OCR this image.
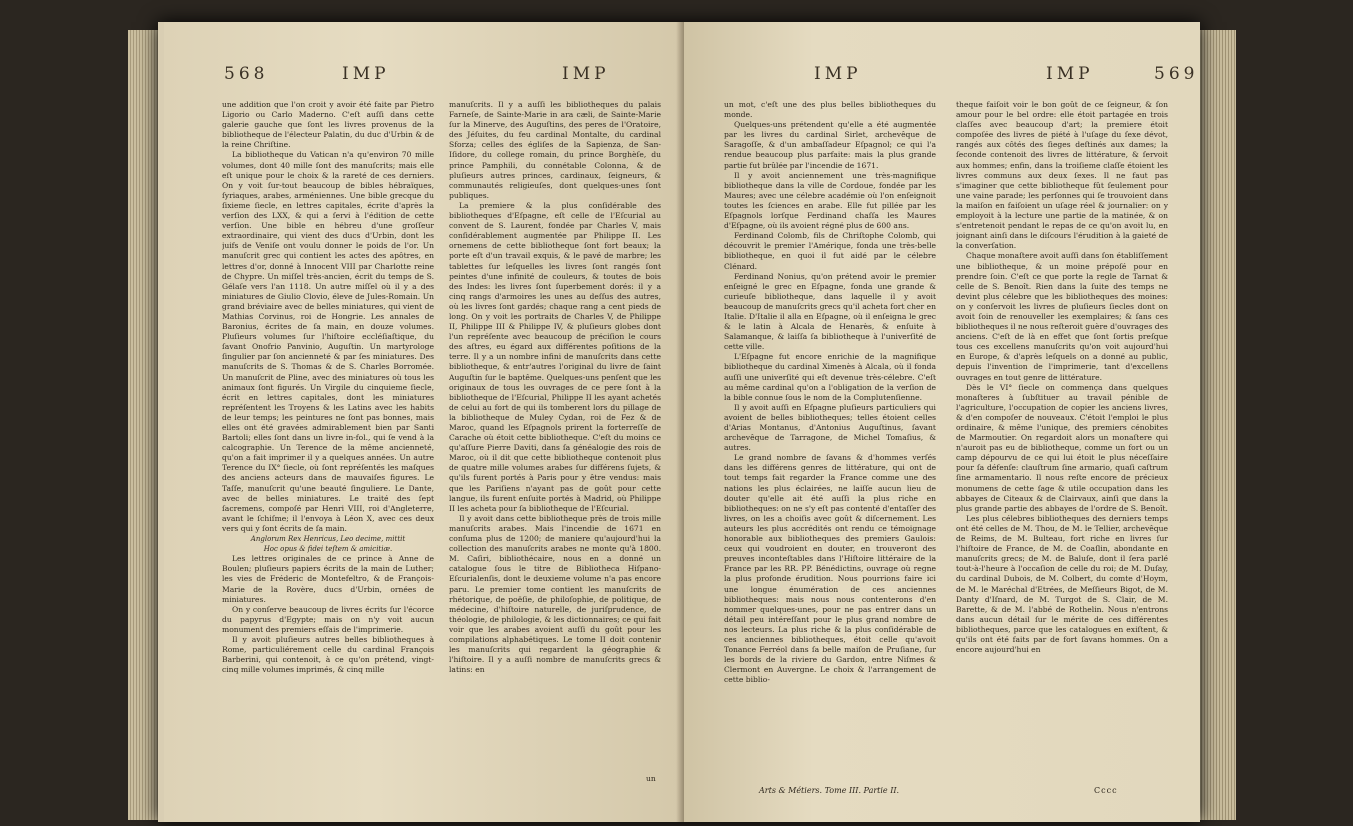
568	IMP	IMP

une addition que l'on croit y avoir été faite par Pietro Ligorio ou Carlo Maderno. C'eſt auſſi dans cette galerie gauche que ſont les livres provenus de la bibliotheque de l'électeur Palatin, du duc d'Urbin & de la reine Chriſtine.

La bibliotheque du Vatican n'a qu'environ 70 mille volumes, dont 40 mille ſont des manuſcrits; mais elle eſt unique pour le choix & la rareté de ces derniers. On y voit ſur-tout beaucoup de bibles hébraïques, ſyriaques, arabes, arméniennes. Une bible grecque du ſixieme ſiecle, en lettres capitales, écrite d'après la verſion des LXX, & qui a ſervi à l'édition de cette verſion. Une bible en hébreu d'une groſſeur extraordinaire, qui vient des ducs d'Urbin, dont les juifs de Veniſe ont voulu donner le poids de l'or. Un manuſcrit grec qui contient les actes des apôtres, en lettres d'or, donné à Innocent VIII par Charlotte reine de Chypre. Un miſſel très-ancien, écrit du temps de S. Gélaſe vers l'an 1118. Un autre miſſel où il y a des miniatures de Giulio Clovio, éleve de Jules-Romain. Un grand bréviaire avec de belles miniatures, qui vient de Mathias Corvinus, roi de Hongrie. Les annales de Baronius, écrites de ſa main, en douze volumes. Pluſieurs volumes ſur l'hiſtoire eccléſiaſtique, du ſavant Onofrio Panvinio, Auguſtin. Un martyrologe ſingulier par ſon ancienneté & par ſes miniatures. Des manuſcrits de S. Thomas & de S. Charles Borromée. Un manuſcrit de Pline, avec des miniatures où tous les animaux ſont figurés. Un Virgile du cinquieme ſiecle, écrit en lettres capitales, dont les miniatures repréſentent les Troyens & les Latins avec les habits de leur temps; les peintures ne ſont pas bonnes, mais elles ont été gravées admirablement bien par Santi Bartoli; elles ſont dans un livre in-fol., qui ſe vend à la calcographie. Un Terence de la même ancienneté, qu'on a fait imprimer il y a quelques années. Un autre Terence du IX° ſiecle, où ſont repréſentés les maſques des anciens acteurs dans de mauvaiſes figures. Le Taſſe, manuſcrit qu'une beauté ſinguliere. Le Dante, avec de belles miniatures. Le traité des ſept ſacremens, compoſé par Henri VIII, roi d'Angleterre, avant le ſchiſme; il l'envoya à Léon X, avec ces deux vers qui y ſont écrits de ſa main.

Anglorum Rex Henricus, Leo decime, mittit

Hoc opus & fidei teſtem & amicitiæ.

Les lettres originales de ce prince à Anne de Boulen; pluſieurs papiers écrits de la main de Luther; les vies de Fréderic de Montefeltro, & de François-Marie de la Rovère, ducs d'Urbin, ornées de miniatures.

On y conſerve beaucoup de livres écrits ſur l'écorce du papyrus d'Egypte; mais on n'y voit aucun monument des premiers eſſais de l'imprimerie.

Il y avoit pluſieurs autres belles bibliotheques à Rome, particuliérement celle du cardinal François Barberini, qui contenoit, à ce qu'on prétend, vingt-cinq mille volumes imprimés, & cinq mille

manuſcrits. Il y a auſſi les bibliotheques du palais Farneſe, de Sainte-Marie in ara cæli, de Sainte-Marie ſur la Minerve, des Auguſtins, des peres de l'Oratoire, des Jéſuites, du feu cardinal Montalte, du cardinal Sforza; celles des égliſes de la Sapienza, de San-Iſidore, du college romain, du prince Borghèſe, du prince Pamphili, du connétable Colonna, & de pluſieurs autres princes, cardinaux, ſeigneurs, & communautés religieuſes, dont quelques-unes ſont publiques.

La premiere & la plus conſidérable des bibliotheques d'Eſpagne, eſt celle de l'Eſcurial au convent de S. Laurent, fondée par Charles V, mais conſidérablement augmentée par Philippe II. Les ornemens de cette bibliotheque ſont fort beaux; la porte eſt d'un travail exquis, & le pavé de marbre; les tablettes ſur leſquelles les livres ſont rangés ſont peintes d'une infinité de couleurs, & toutes de bois des Indes: les livres ſont ſuperbement dorés: il y a cinq rangs d'armoires les unes au deſſus des autres, où les livres ſont gardés; chaque rang a cent pieds de long. On y voit les portraits de Charles V, de Philippe II, Philippe III & Philippe IV, & pluſieurs globes dont l'un repréſente avec beaucoup de préciſion le cours des aſtres, eu égard aux différentes poſitions de la terre. Il y a un nombre infini de manuſcrits dans cette bibliotheque, & entr'autres l'original du livre de ſaint Auguſtin ſur le baptême. Quelques-uns penſent que les originaux de tous les ouvrages de ce pere ſont à la bibliotheque de l'Eſcurial, Philippe II les ayant achetés de celui au fort de qui ils tomberent lors du pillage de la bibliotheque de Muley Cydan, roi de Fez & de Maroc, quand les Eſpagnols prirent la forterreſſe de Carache où étoit cette bibliotheque. C'eſt du moins ce qu'aſſure Pierre Daviti, dans ſa généalogie des rois de Maroc, où il dit que cette bibliotheque contenoit plus de quatre mille volumes arabes ſur différens ſujets, & qu'ils furent portés à Paris pour y être vendus: mais que les Pariſiens n'ayant pas de goût pour cette langue, ils furent enſuite portés à Madrid, où Philippe II les acheta pour ſa bibliotheque de l'Eſcurial.

Il y avoit dans cette bibliotheque près de trois mille manuſcrits arabes. Mais l'incendie de 1671 en conſuma plus de 1200; de maniere qu'aujourd'hui la collection des manuſcrits arabes ne monte qu'à 1800. M. Caſiri, bibliothécaire, nous en a donné un catalogue ſous le titre de Bibliotheca Hiſpano-Eſcurialenſis, dont le deuxieme volume n'a pas encore paru. Le premier tome contient les manuſcrits de rhétorique, de poëſie, de philoſophie, de politique, de médecine, d'hiſtoire naturelle, de juriſprudence, de théologie, de philologie, & les dictionnaires; ce qui fait voir que les arabes avoient auſſi du goût pour les compilations alphabétiques. Le tome II doit contenir les manuſcrits qui regardent la géographie & l'hiſtoire. Il y a auſſi nombre de manuſcrits grecs & latins: en

un
IMP	IMP	569

un mot, c'eſt une des plus belles bibliotheques du monde.

Quelques-uns prétendent qu'elle a été augmentée par les livres du cardinal Sirlet, archevêque de Saragoſſe, & d'un ambaſſadeur Eſpagnol; ce qui l'a rendue beaucoup plus parfaite: mais la plus grande partie fut brûlée par l'incendie de 1671.

Il y avoit anciennement une très-magnifique bibliotheque dans la ville de Cordoue, fondée par les Maures; avec une célebre académie où l'on enſeignoit toutes les ſciences en arabe. Elle fut pillée par les Eſpagnols lorſque Ferdinand chaſſa les Maures d'Eſpagne, où ils avoient régné plus de 600 ans.

Ferdinand Colomb, fils de Chriſtophe Colomb, qui découvrit le premier l'Amérique, fonda une très-belle bibliotheque, en quoi il fut aidé par le célebre Clénard.

Ferdinand Nonius, qu'on prétend avoir le premier enſeigné le grec en Eſpagne, fonda une grande & curieuſe bibliotheque, dans laquelle il y avoit beaucoup de manuſcrits grecs qu'il acheta fort cher en Italie. D'Italie il alla en Eſpagne, où il enſeigna le grec & le latin à Alcala de Henarès, & enſuite à Salamanque, & laiſſa ſa bibliotheque à l'univerſité de cette ville.

L'Eſpagne fut encore enrichie de la magnifique bibliotheque du cardinal Ximenès à Alcala, où il fonda auſſi une univerſité qui eſt devenue très-célebre. C'eſt au même cardinal qu'on a l'obligation de la verſion de la bible connue ſous le nom de la Complutenſienne.

Il y avoit auſſi en Eſpagne pluſieurs particuliers qui avoient de belles bibliotheques; telles étoient celles d'Arias Montanus, d'Antonius Auguſtinus, ſavant archevêque de Tarragone, de Michel Tomaſius, & autres.

Le grand nombre de ſavans & d'hommes verſés dans les différens genres de littérature, qui ont de tout temps fait regarder la France comme une des nations les plus éclairées, ne laiſſe aucun lieu de douter qu'elle ait été auſſi la plus riche en bibliotheques: on ne s'y eſt pas contenté d'entaſſer des livres, on les a choiſis avec goût & diſcernement. Les auteurs les plus accrédités ont rendu ce témoignage honorable aux bibliotheques des premiers Gaulois: ceux qui voudroient en douter, en trouveront des preuves inconteſtables dans l'Hiſtoire littéraire de la France par les RR. PP. Bénédictins, ouvrage où regne la plus profonde érudition. Nous pourrions faire ici une longue énumération de ces anciennes bibliotheques: mais nous nous contenterons d'en nommer quelques-unes, pour ne pas entrer dans un détail peu intéreſſant pour le plus grand nombre de nos lecteurs. La plus riche & la plus conſidérable de ces anciennes bibliotheques, étoit celle qu'avoit Tonance Ferréol dans ſa belle maiſon de Pruſiane, ſur les bords de la riviere du Gardon, entre Niſmes & Clermont en Auvergne. Le choix & l'arrangement de cette biblio-

theque faiſoit voir le bon goût de ce ſeigneur, & ſon amour pour le bel ordre: elle étoit partagée en trois claſſes avec beaucoup d'art; la premiere étoit compoſée des livres de piété à l'uſage du ſexe dévot, rangés aux côtés des ſieges deſtinés aux dames; la ſeconde contenoit des livres de littérature, & ſervoit aux hommes; enfin, dans la troiſieme claſſe étoient les livres communs aux deux ſexes. Il ne faut pas s'imaginer que cette bibliotheque fût ſeulement pour une vaine parade; les perſonnes qui ſe trouvoient dans la maiſon en faiſoient un uſage réel & journalier: on y employoit à la lecture une partie de la matinée, & on s'entretenoit pendant le repas de ce qu'on avoit lu, en joignant ainſi dans le diſcours l'érudition à la gaieté de la converſation.

Chaque monaſtere avoit auſſi dans ſon établiſſement une bibliotheque, & un moine prépoſé pour en prendre ſoin. C'eſt ce que porte la regle de Tarnat & celle de S. Benoît. Rien dans la ſuite des temps ne devint plus célebre que les bibliotheques des moines: on y conſervoit les livres de pluſieurs ſiecles dont on avoit ſoin de renouveller les exemplaires; & ſans ces bibliotheques il ne nous reſteroit guère d'ouvrages des anciens. C'eſt de là en effet que ſont ſortis preſque tous ces excellens manuſcrits qu'on voit aujourd'hui en Europe, & d'après leſquels on a donné au public, depuis l'invention de l'imprimerie, tant d'excellens ouvrages en tout genre de littérature.

Dès le VI° ſiecle on commença dans quelques monaſteres à ſubſtituer au travail pénible de l'agriculture, l'occupation de copier les anciens livres, & d'en compoſer de nouveaux. C'étoit l'emploi le plus ordinaire, & même l'unique, des premiers cénobites de Marmoutier. On regardoit alors un monaſtere qui n'auroit pas eu de bibliotheque, comme un fort ou un camp dépourvu de ce qui lui étoit le plus néceſſaire pour ſa défenſe: clauſtrum ſine armario, quaſi caſtrum ſine armamentario. Il nous reſte encore de précieux monumens de cette ſage & utile occupation dans les abbayes de Citeaux & de Clairvaux, ainſi que dans la plus grande partie des abbayes de l'ordre de S. Benoît.

Les plus célebres bibliotheques des derniers temps ont été celles de M. Thou, de M. le Tellier, archevêque de Reims, de M. Bulteau, fort riche en livres ſur l'hiſtoire de France, de M. de Coaſlin, abondante en manuſcrits grecs; de M. de Baluſe, dont il ſera parlé tout-à-l'heure à l'occaſion de celle du roi; de M. Duſay, du cardinal Dubois, de M. Colbert, du comte d'Hoym, de M. le Maréchal d'Etrées, de Meſſieurs Bigot, de M. Danty d'Iſnard, de M. Turgot de S. Clair, de M. Barette, & de M. l'abbé de Rothelin. Nous n'entrons dans aucun détail ſur le mérite de ces différentes bibliotheques, parce que les catalogues en exiſtent, & qu'ils ont été faits par de fort ſavans hommes. On a encore aujourd'hui en

Arts & Métiers. Tome III. Partie II.	Cccc
